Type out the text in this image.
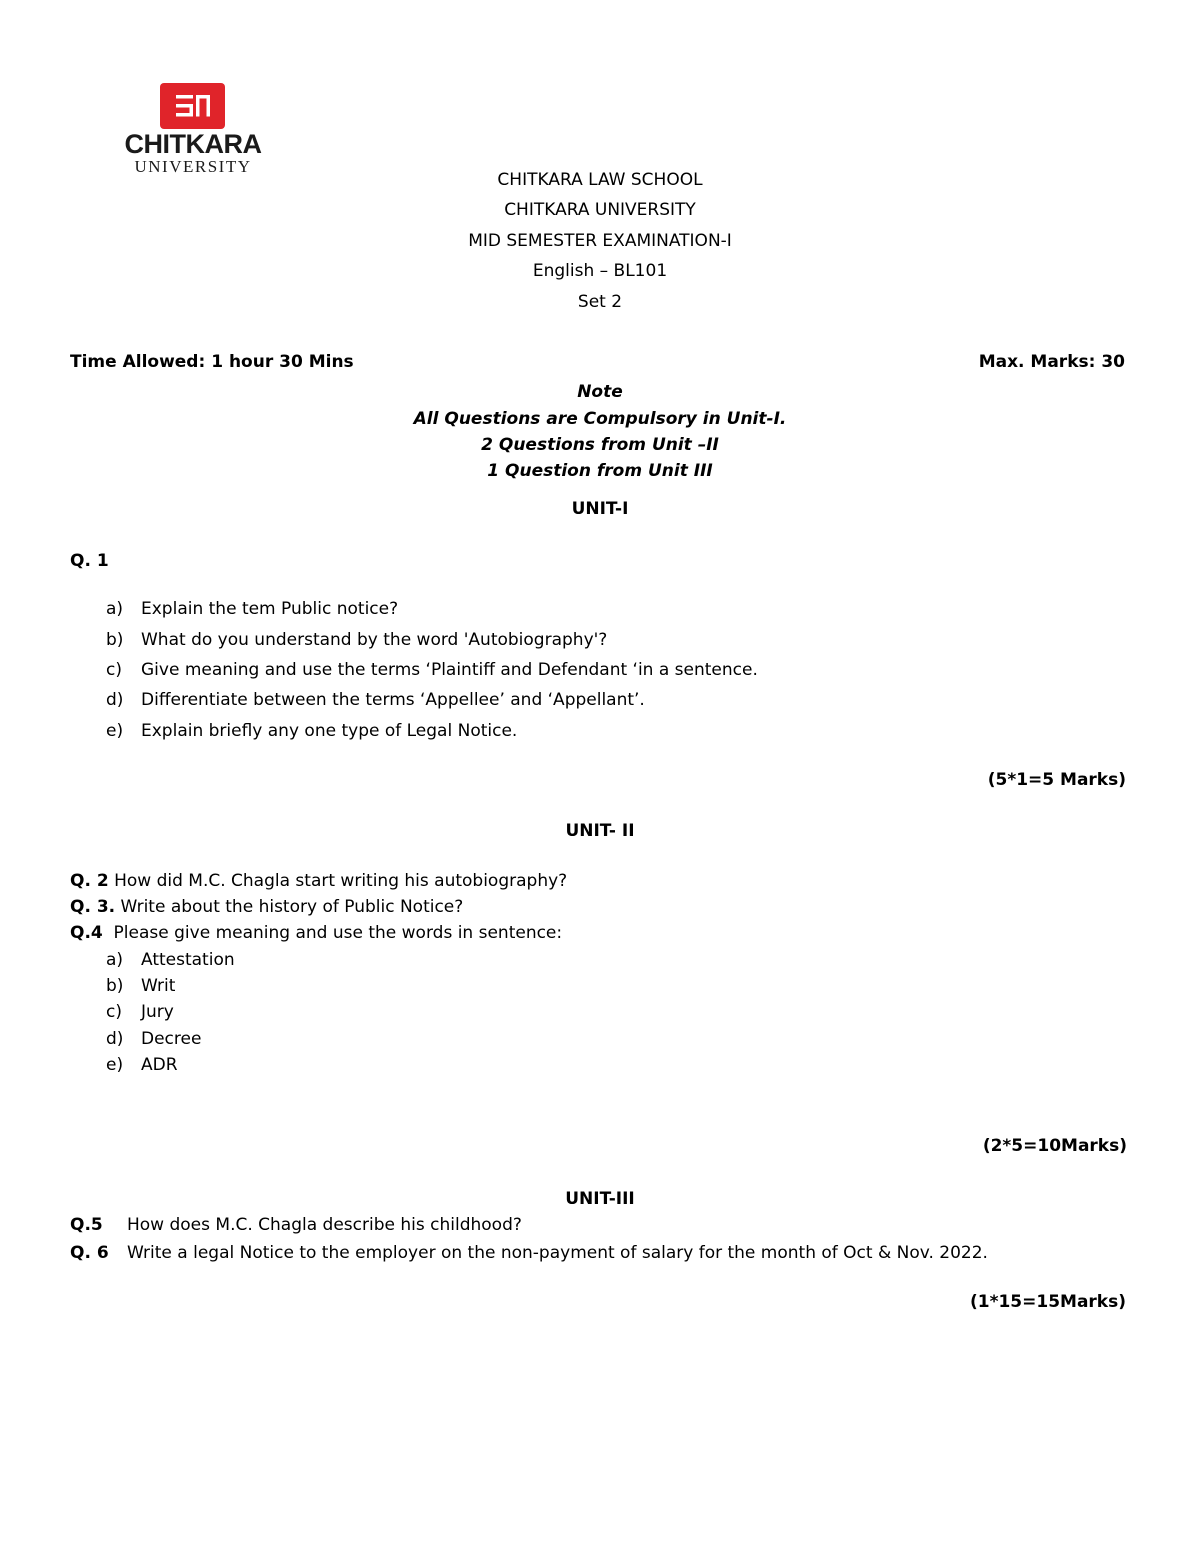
CHITKARA
UNIVERSITY
CHITKARA LAW SCHOOL
CHITKARA UNIVERSITY
MID SEMESTER EXAMINATION-I
English – BL101
Set 2
Time Allowed: 1 hour 30 Mins	Max. Marks: 30
Note
All Questions are Compulsory in Unit-I.
2 Questions from Unit –II
1 Question from Unit III
UNIT-I
Q. 1
a)	Explain the tem Public notice?
b)	What do you understand by the word 'Autobiography'?
c)	Give meaning and use the terms ‘Plaintiff and Defendant ‘in a sentence.
d)	Differentiate between the terms ‘Appellee’ and ‘Appellant’.
e)	Explain briefly any one type of Legal Notice.
(5*1=5 Marks)
UNIT- II
Q. 2 How did M.C. Chagla start writing his autobiography?
Q. 3. Write about the history of Public Notice?
Q.4  Please give meaning and use the words in sentence:
a)	Attestation
b)	Writ
c)	Jury
d)	Decree
e)	ADR
(2*5=10Marks)
UNIT-III
Q.5 How does M.C. Chagla describe his childhood?
Q. 6 Write a legal Notice to the employer on the non-payment of salary for the month of Oct & Nov. 2022.
(1*15=15Marks)
